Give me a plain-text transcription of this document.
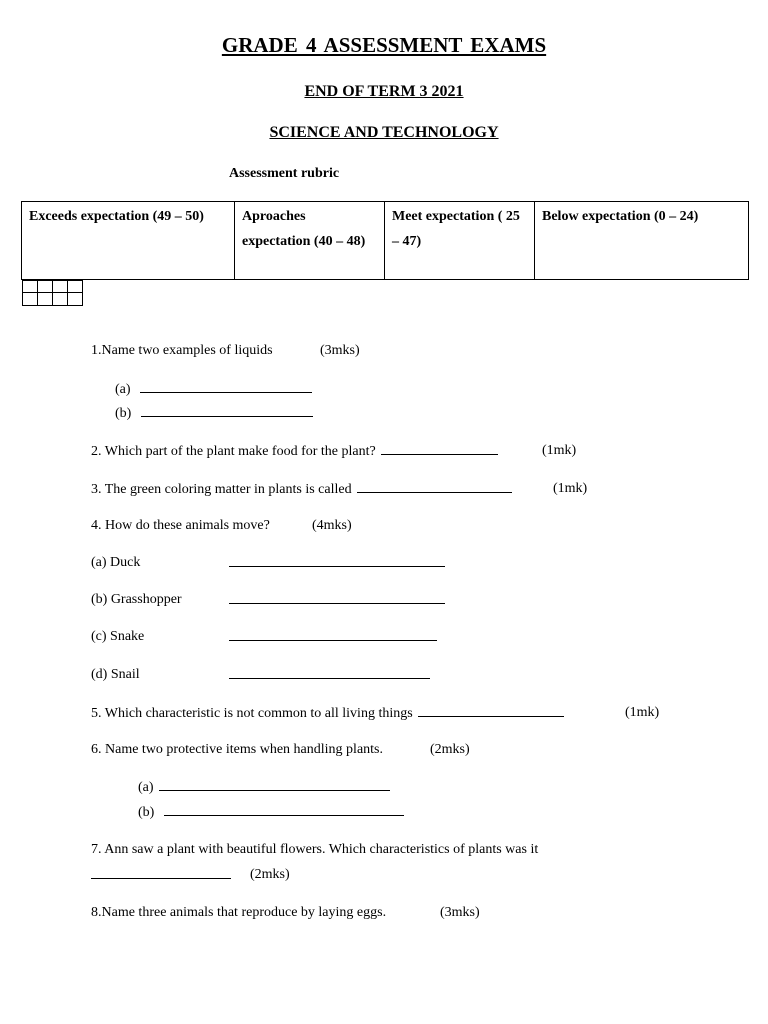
GRADE 4 ASSESSMENT EXAMS
END OF TERM 3 2021
SCIENCE AND TECHNOLOGY
Assessment rubric
Exceeds expectation (49 – 50)	Aproaches expectation (40 – 48)	Meet expectation ( 25 – 47)	Below expectation (0 – 24)

1.Name two examples of liquids	(3mks)
(a)
(b)
2. Which part of the plant make food for the plant?	(1mk)
3. The green coloring matter in plants is called	(1mk)
4. How do these animals move?	(4mks)
(a) Duck
(b) Grasshopper
(c) Snake
(d) Snail
5. Which characteristic is not common to all living things	(1mk)
6. Name two protective items when handling plants.	(2mks)
(a)
(b)
7. Ann saw a plant with beautiful flowers. Which characteristics of plants was it
(2mks)
8.Name three animals that reproduce by laying eggs.	(3mks)
